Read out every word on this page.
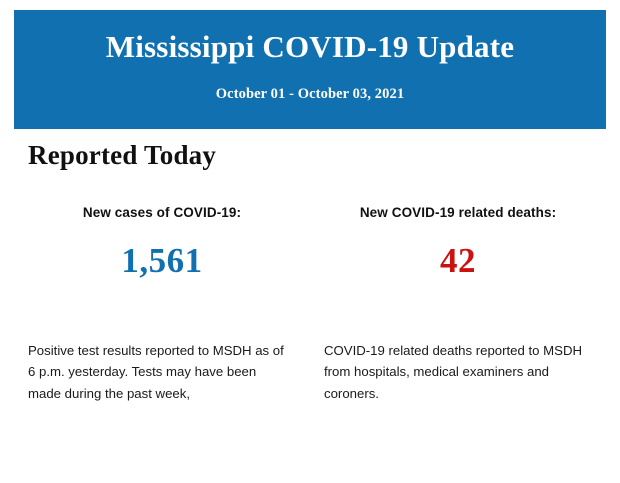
Mississippi COVID-19 Update

October 01 - October 03, 2021

Reported Today

New cases of COVID-19:

1,561

New COVID-19 related deaths:

42

Positive test results reported to MSDH as of 6 p.m. yesterday. Tests may have been made during the past week,

COVID-19 related deaths reported to MSDH from hospitals, medical examiners and coroners.
